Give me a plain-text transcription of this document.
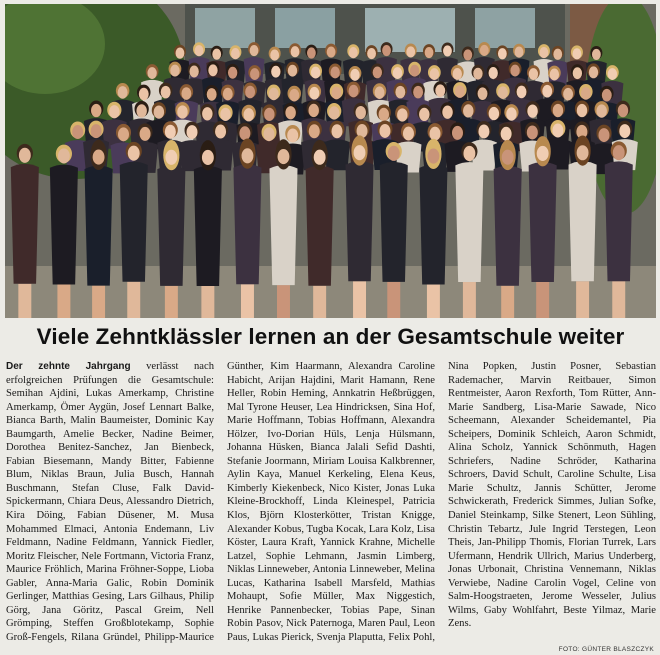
Viele Zehntklässler lernen an der Gesamtschule weiter

Der zehnte Jahrgang verlässt nach erfolgreichen Prüfungen die Gesamtschule: Semihan Ajdini, Lukas Amerkamp, Christine Amerkamp, Ömer Aygün, Josef Lennart Balke, Bianca Barth, Malin Baumeister, Dominic Kay Baumgarth, Amelie Becker, Nadine Beimer, Dorothea Benitez-Sanchez, Jan Bienbeck, Fabian Biesemann, Mandy Bitter, Fabienne Blum, Niklas Braun, Julia Busch, Hannah Buschmann, Stefan Cluse, Falk David-Spickermann, Chiara Deus, Alessandro Dietrich, Kira Döing, Fabian Düsener, M. Musa Mohammed Elmaci, Antonia Endemann, Liv Feldmann, Nadine Feldmann, Yannick Fiedler, Moritz Fleischer, Nele Fortmann, Victoria Franz, Maurice Fröhlich, Marina Fröhner-Soppe, Lioba Gabler, Anna-Maria Galic, Robin Dominik Gerlinger, Matthias Gesing, Lars Gilhaus, Philip Görg, Jana Göritz, Pascal Greim, Nell Grömping, Steffen Großblotekamp, Sophie Groß-Fengels, Rilana Gründel, Philipp-Maurice Günther, Kim Haarmann, Alexandra Caroline Habicht, Arijan Hajdini, Marit Hamann, Rene Heller, Robin Heming, Annkatrin Heßbrüggen, Mal Tyrone Heuser, Lea Hindricksen, Sina Hof, Marie Hoffmann, Tobias Hoffmann, Alexandra Hölzer, Ivo-Dorian Hüls, Lenja Hülsmann, Johanna Hüsken, Bianca Jalali Sefid Dashti, Stefanie Joormann, Miriam Louisa Kalkbrenner, Aylin Kaya, Manuel Kerkeling, Elena Keus, Kimberly Kiekenbeck, Nico Kister, Jonas Luka Kleine-Brockhoff, Linda Kleinespel, Patricia Klos, Björn Klosterkötter, Tristan Knigge, Alexander Kobus, Tugba Kocak, Lara Kolz, Lisa Köster, Laura Kraft, Yannick Krahne, Michelle Latzel, Sophie Lehmann, Jasmin Limberg, Niklas Linneweber, Antonia Linneweber, Melina Lucas, Katharina Isabell Marsfeld, Mathias Mohaupt, Sofie Müller, Max Niggestich, Henrike Pannenbecker, Tobias Pape, Sinan Robin Pasov, Nick Paternoga, Maren Paul, Leon Paus, Lukas Pierick, Svenja Plaputta, Felix Pohl, Nina Popken, Justin Posner, Sebastian Rademacher, Marvin Reitbauer, Simon Rentmeister, Aaron Rexforth, Tom Rütter, Ann-Marie Sandberg, Lisa-Marie Sawade, Nico Scheemann, Alexander Scheidemantel, Pia Scheipers, Dominik Schleich, Aaron Schmidt, Alina Scholz, Yannick Schönmuth, Hagen Schriefers, Nadine Schröder, Katharina Schroers, David Schult, Caroline Schulte, Lisa Marie Schultz, Jannis Schütter, Jerome Schwickerath, Frederick Simmes, Julian Sofke, Daniel Steinkamp, Silke Stenert, Leon Sühling, Christin Tebartz, Jule Ingrid Terstegen, Leon Theis, Jan-Philipp Thomis, Florian Turrek, Lars Ufermann, Hendrik Ullrich, Marius Underberg, Jonas Urbonait, Christina Vennemann, Niklas Verwiebe, Nadine Carolin Vogel, Celine von Salm-Hoogstraeten, Jerome Wesseler, Julius Wilms, Gaby Wohlfahrt, Beste Yilmaz, Marie Zens.

FOTO: GÜNTER BLASZCZYK
